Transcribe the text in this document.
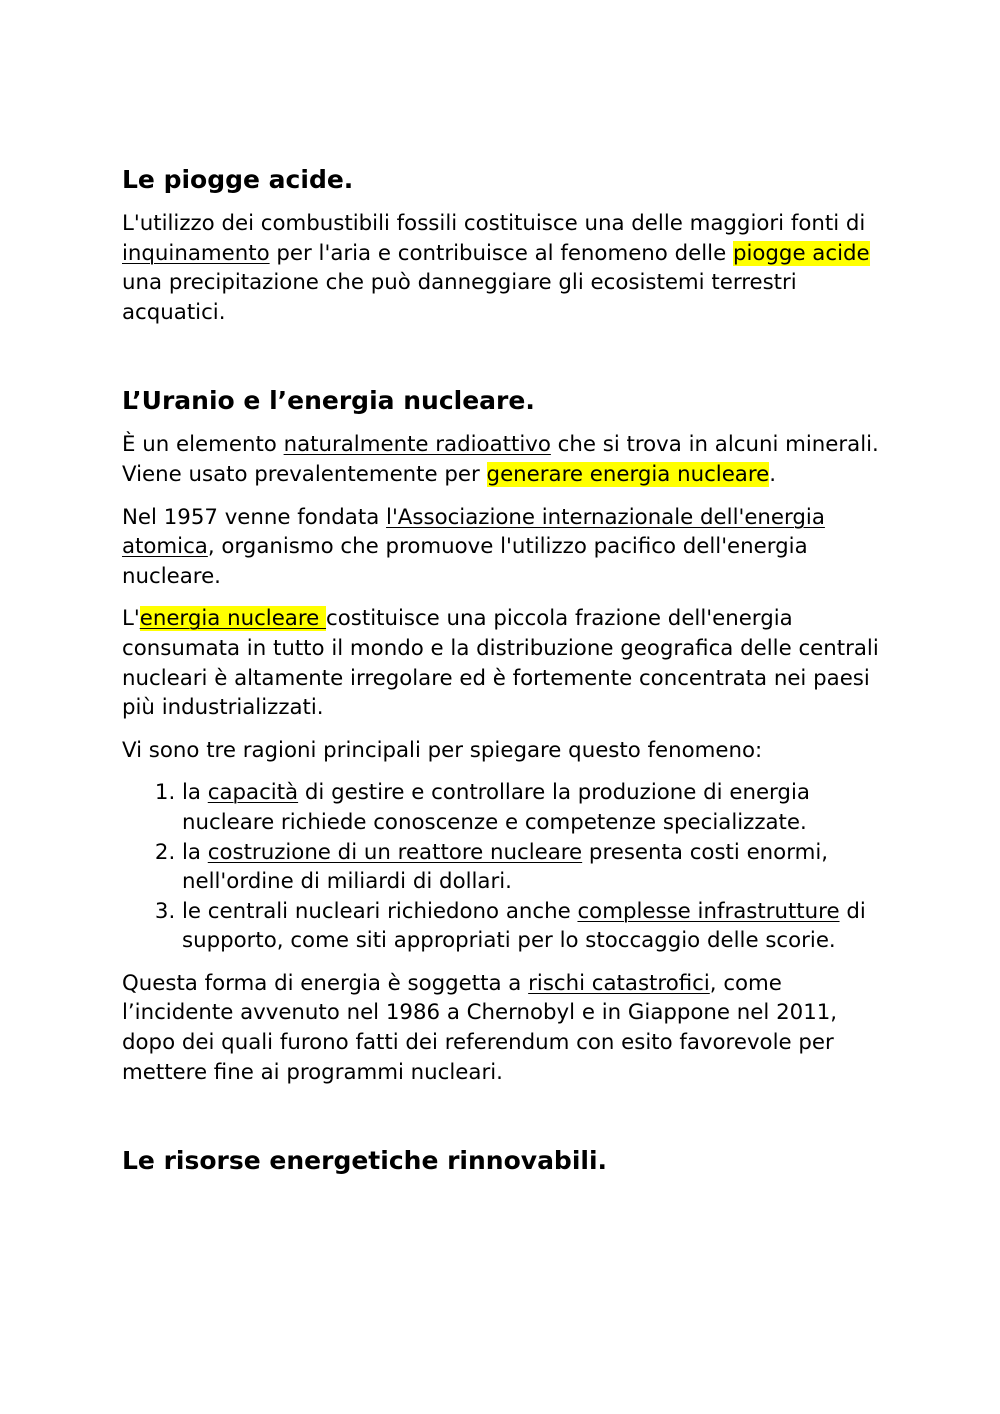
Le piogge acide.

L'utilizzo dei combustibili fossili costituisce una delle maggiori fonti di inquinamento per l'aria e contribuisce al fenomeno delle piogge acide una precipitazione che può danneggiare gli ecosistemi terrestri acquatici.

L’Uranio e l’energia nucleare.

È un elemento naturalmente radioattivo che si trova in alcuni minerali. Viene usato prevalentemente per generare energia nucleare.

Nel 1957 venne fondata l'Associazione internazionale dell'energia atomica, organismo che promuove l'utilizzo pacifico dell'energia nucleare.

L'energia nucleare costituisce una piccola frazione dell'energia consumata in tutto il mondo e la distribuzione geografica delle centrali nucleari è altamente irregolare ed è fortemente concentrata nei paesi più industrializzati.

Vi sono tre ragioni principali per spiegare questo fenomeno:

1. la capacità di gestire e controllare la produzione di energia nucleare richiede conoscenze e competenze specializzate.
2. la costruzione di un reattore nucleare presenta costi enormi, nell'ordine di miliardi di dollari.
3. le centrali nucleari richiedono anche complesse infrastrutture di supporto, come siti appropriati per lo stoccaggio delle scorie.

Questa forma di energia è soggetta a rischi catastrofici, come l’incidente avvenuto nel 1986 a Chernobyl e in Giappone nel 2011, dopo dei quali furono fatti dei referendum con esito favorevole per mettere fine ai programmi nucleari.

Le risorse energetiche rinnovabili.
